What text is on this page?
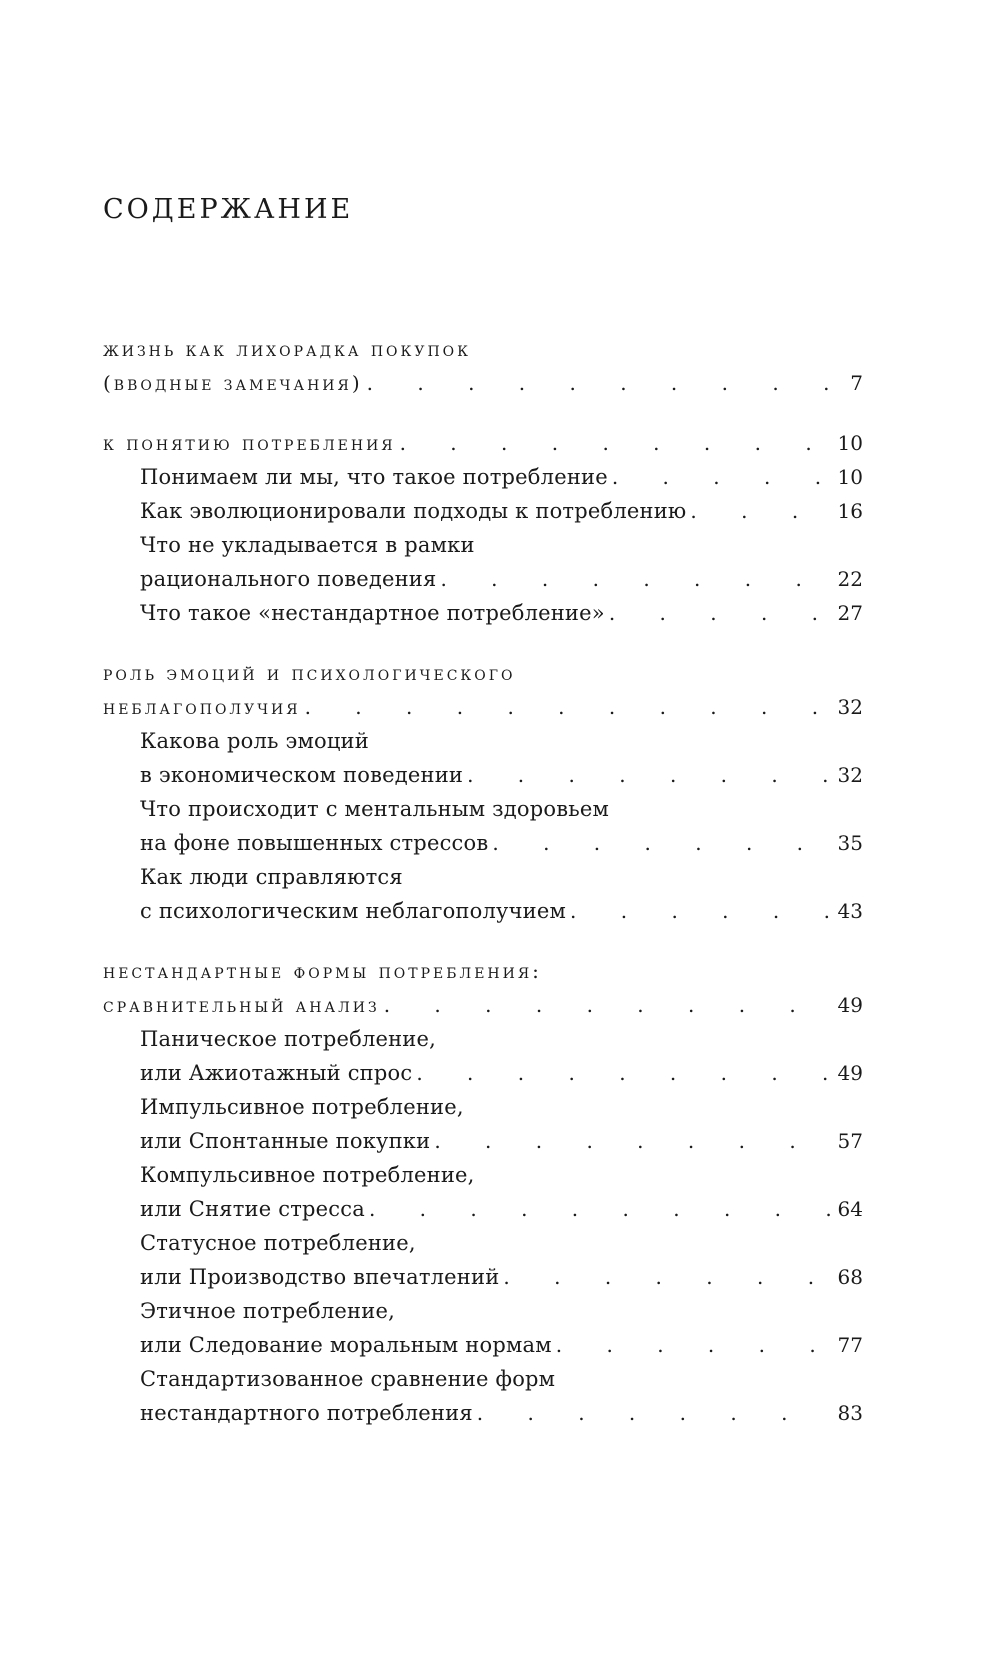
СОДЕРЖАНИЕ
жизнь как лихорадка покупок
(вводные замечания) . . .	7
к понятию потребления . . .	10
Понимаем ли мы, что такое потребление . . .	10
Как эволюционировали подходы к потреблению . . .	16
Что не укладывается в рамки
рационального поведения . . .	22
Что такое «нестандартное потребление» . . .	27
роль эмоций и психологического
неблагополучия . . .	32
Какова роль эмоций
в экономическом поведении . . .	32
Что происходит с ментальным здоровьем
на фоне повышенных стрессов . . .	35
Как люди справляются
с психологическим неблагополучием . . .	43
нестандартные формы потребления:
сравнительный анализ . . .	49
Паническое потребление,
или Ажиотажный спрос . . .	49
Импульсивное потребление,
или Спонтанные покупки . . .	57
Компульсивное потребление,
или Снятие стресса . . .	64
Статусное потребление,
или Производство впечатлений . . .	68
Этичное потребление,
или Следование моральным нормам . . .	77
Стандартизованное сравнение форм
нестандартного потребления . . .	83
